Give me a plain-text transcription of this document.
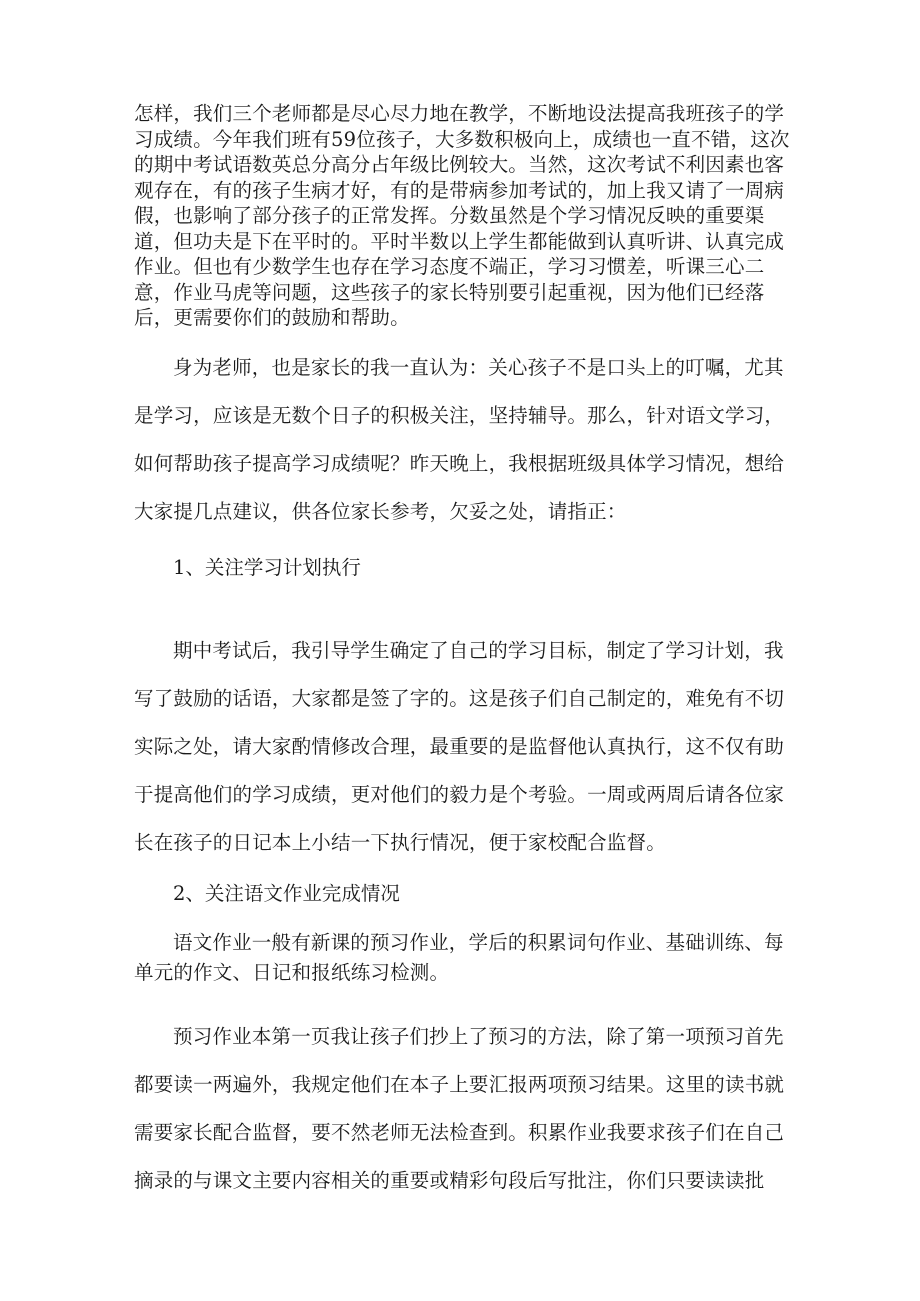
怎样，我们三个老师都是尽心尽力地在教学，不断地设法提高我班孩子的学习成绩。今年我们班有59位孩子，大多数积极向上，成绩也一直不错，这次的期中考试语数英总分高分占年级比例较大。当然，这次考试不利因素也客观存在，有的孩子生病才好，有的是带病参加考试的，加上我又请了一周病假，也影响了部分孩子的正常发挥。分数虽然是个学习情况反映的重要渠道，但功夫是下在平时的。平时半数以上学生都能做到认真听讲、认真完成作业。但也有少数学生也存在学习态度不端正，学习习惯差，听课三心二意，作业马虎等问题，这些孩子的家长特别要引起重视，因为他们已经落后，更需要你们的鼓励和帮助。

身为老师，也是家长的我一直认为：关心孩子不是口头上的叮嘱，尤其是学习，应该是无数个日子的积极关注，坚持辅导。那么，针对语文学习，如何帮助孩子提高学习成绩呢？昨天晚上，我根据班级具体学习情况，想给大家提几点建议，供各位家长参考，欠妥之处，请指正：

1、关注学习计划执行

期中考试后，我引导学生确定了自己的学习目标，制定了学习计划，我写了鼓励的话语，大家都是签了字的。这是孩子们自己制定的，难免有不切实际之处，请大家酌情修改合理，最重要的是监督他认真执行，这不仅有助于提高他们的学习成绩，更对他们的毅力是个考验。一周或两周后请各位家长在孩子的日记本上小结一下执行情况，便于家校配合监督。

2、关注语文作业完成情况

语文作业一般有新课的预习作业，学后的积累词句作业、基础训练、每单元的作文、日记和报纸练习检测。

预习作业本第一页我让孩子们抄上了预习的方法，除了第一项预习首先都要读一两遍外，我规定他们在本子上要汇报两项预习结果。这里的读书就需要家长配合监督，要不然老师无法检查到。积累作业我要求孩子们在自己摘录的与课文主要内容相关的重要或精彩句段后写批注，你们只要读读批
